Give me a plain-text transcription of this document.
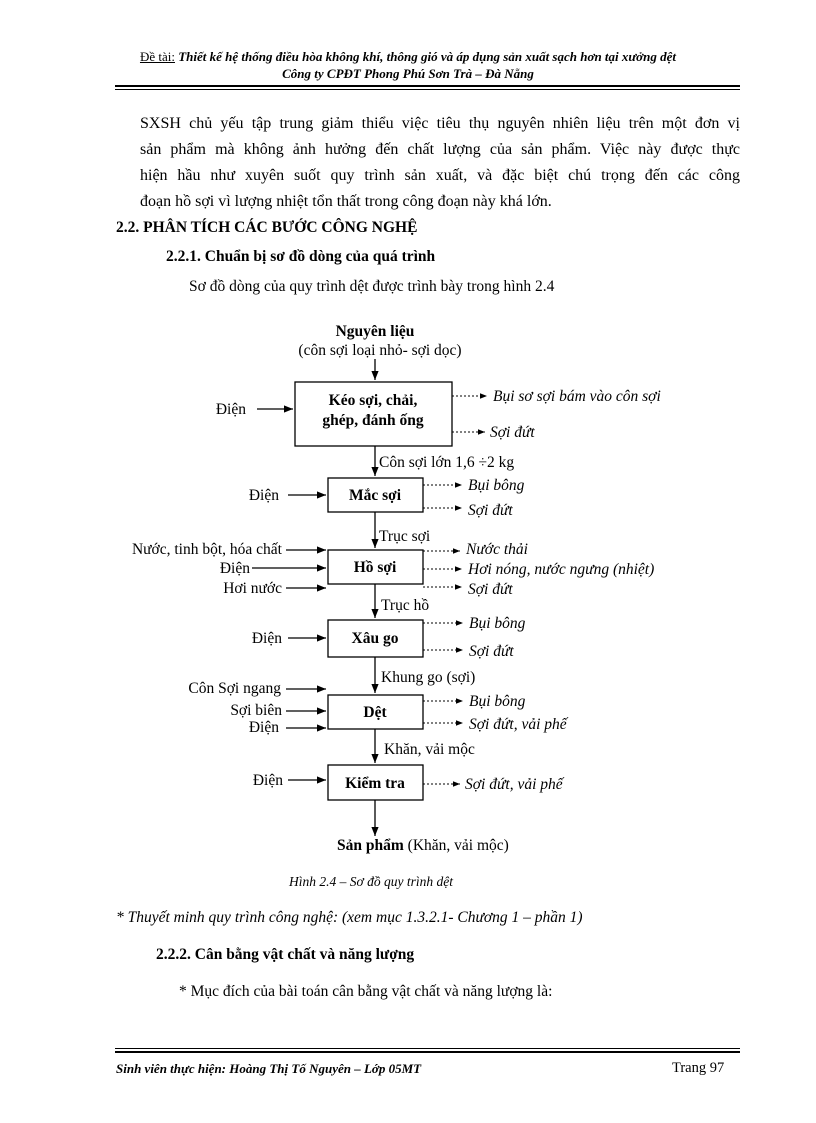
Đề tài: Thiết kế hệ thống điều hòa không khí, thông gió và áp dụng sản xuất sạch hơn tại xưởng dệt
Công ty CPĐT Phong Phú Sơn Trà – Đà Nẵng
SXSH chủ yếu tập trung giảm thiểu việc tiêu thụ nguyên nhiên liệu trên một đơn vị
sản phẩm mà không ảnh hưởng đến chất lượng của sản phẩm. Việc này được thực
hiện hầu như xuyên suốt quy trình sản xuất, và đặc biệt chú trọng đến các công
đoạn hồ sợi vì lượng nhiệt tổn thất trong công đoạn này khá lớn.
2.2. PHÂN TÍCH CÁC BƯỚC CÔNG NGHỆ
2.2.1. Chuẩn bị sơ đồ dòng của quá trình
Sơ đồ dòng của quy trình dệt được trình bày trong hình 2.4
Nguyên liệu
(côn sợi loại nhỏ- sợi dọc)
Kéo sợi, chải,
ghép, đánh ống
Mắc sợi
Hồ sợi
Xâu go
Dệt
Kiểm tra
Côn sợi lớn 1,6 ÷2 kg
Trục sợi
Trục hồ
Khung go (sợi)
Khăn, vải mộc
Điện
Điện
Nước, tinh bột, hóa chất
Điện
Hơi nước
Điện
Côn Sợi ngang
Sợi biên
Điện
Điện
Bụi sơ sợi bám vào côn sợi
Sợi đứt
Bụi bông
Sợi đứt
Nước thải
Hơi nóng, nước ngưng (nhiệt)
Sợi đứt
Bụi bông
Sợi đứt
Bụi bông
Sợi đứt, vải phế
Sợi đứt, vải phế
Sản phẩm (Khăn, vải mộc)
Hình 2.4 – Sơ đồ quy trình dệt
* Thuyết minh quy trình công nghệ: (xem mục 1.3.2.1- Chương 1 – phần 1)
2.2.2. Cân bằng vật chất và năng lượng
* Mục đích của bài toán cân bằng vật chất và năng lượng là:
Sinh viên thực hiện: Hoàng Thị Tố Nguyên – Lớp 05MT	Trang 97
